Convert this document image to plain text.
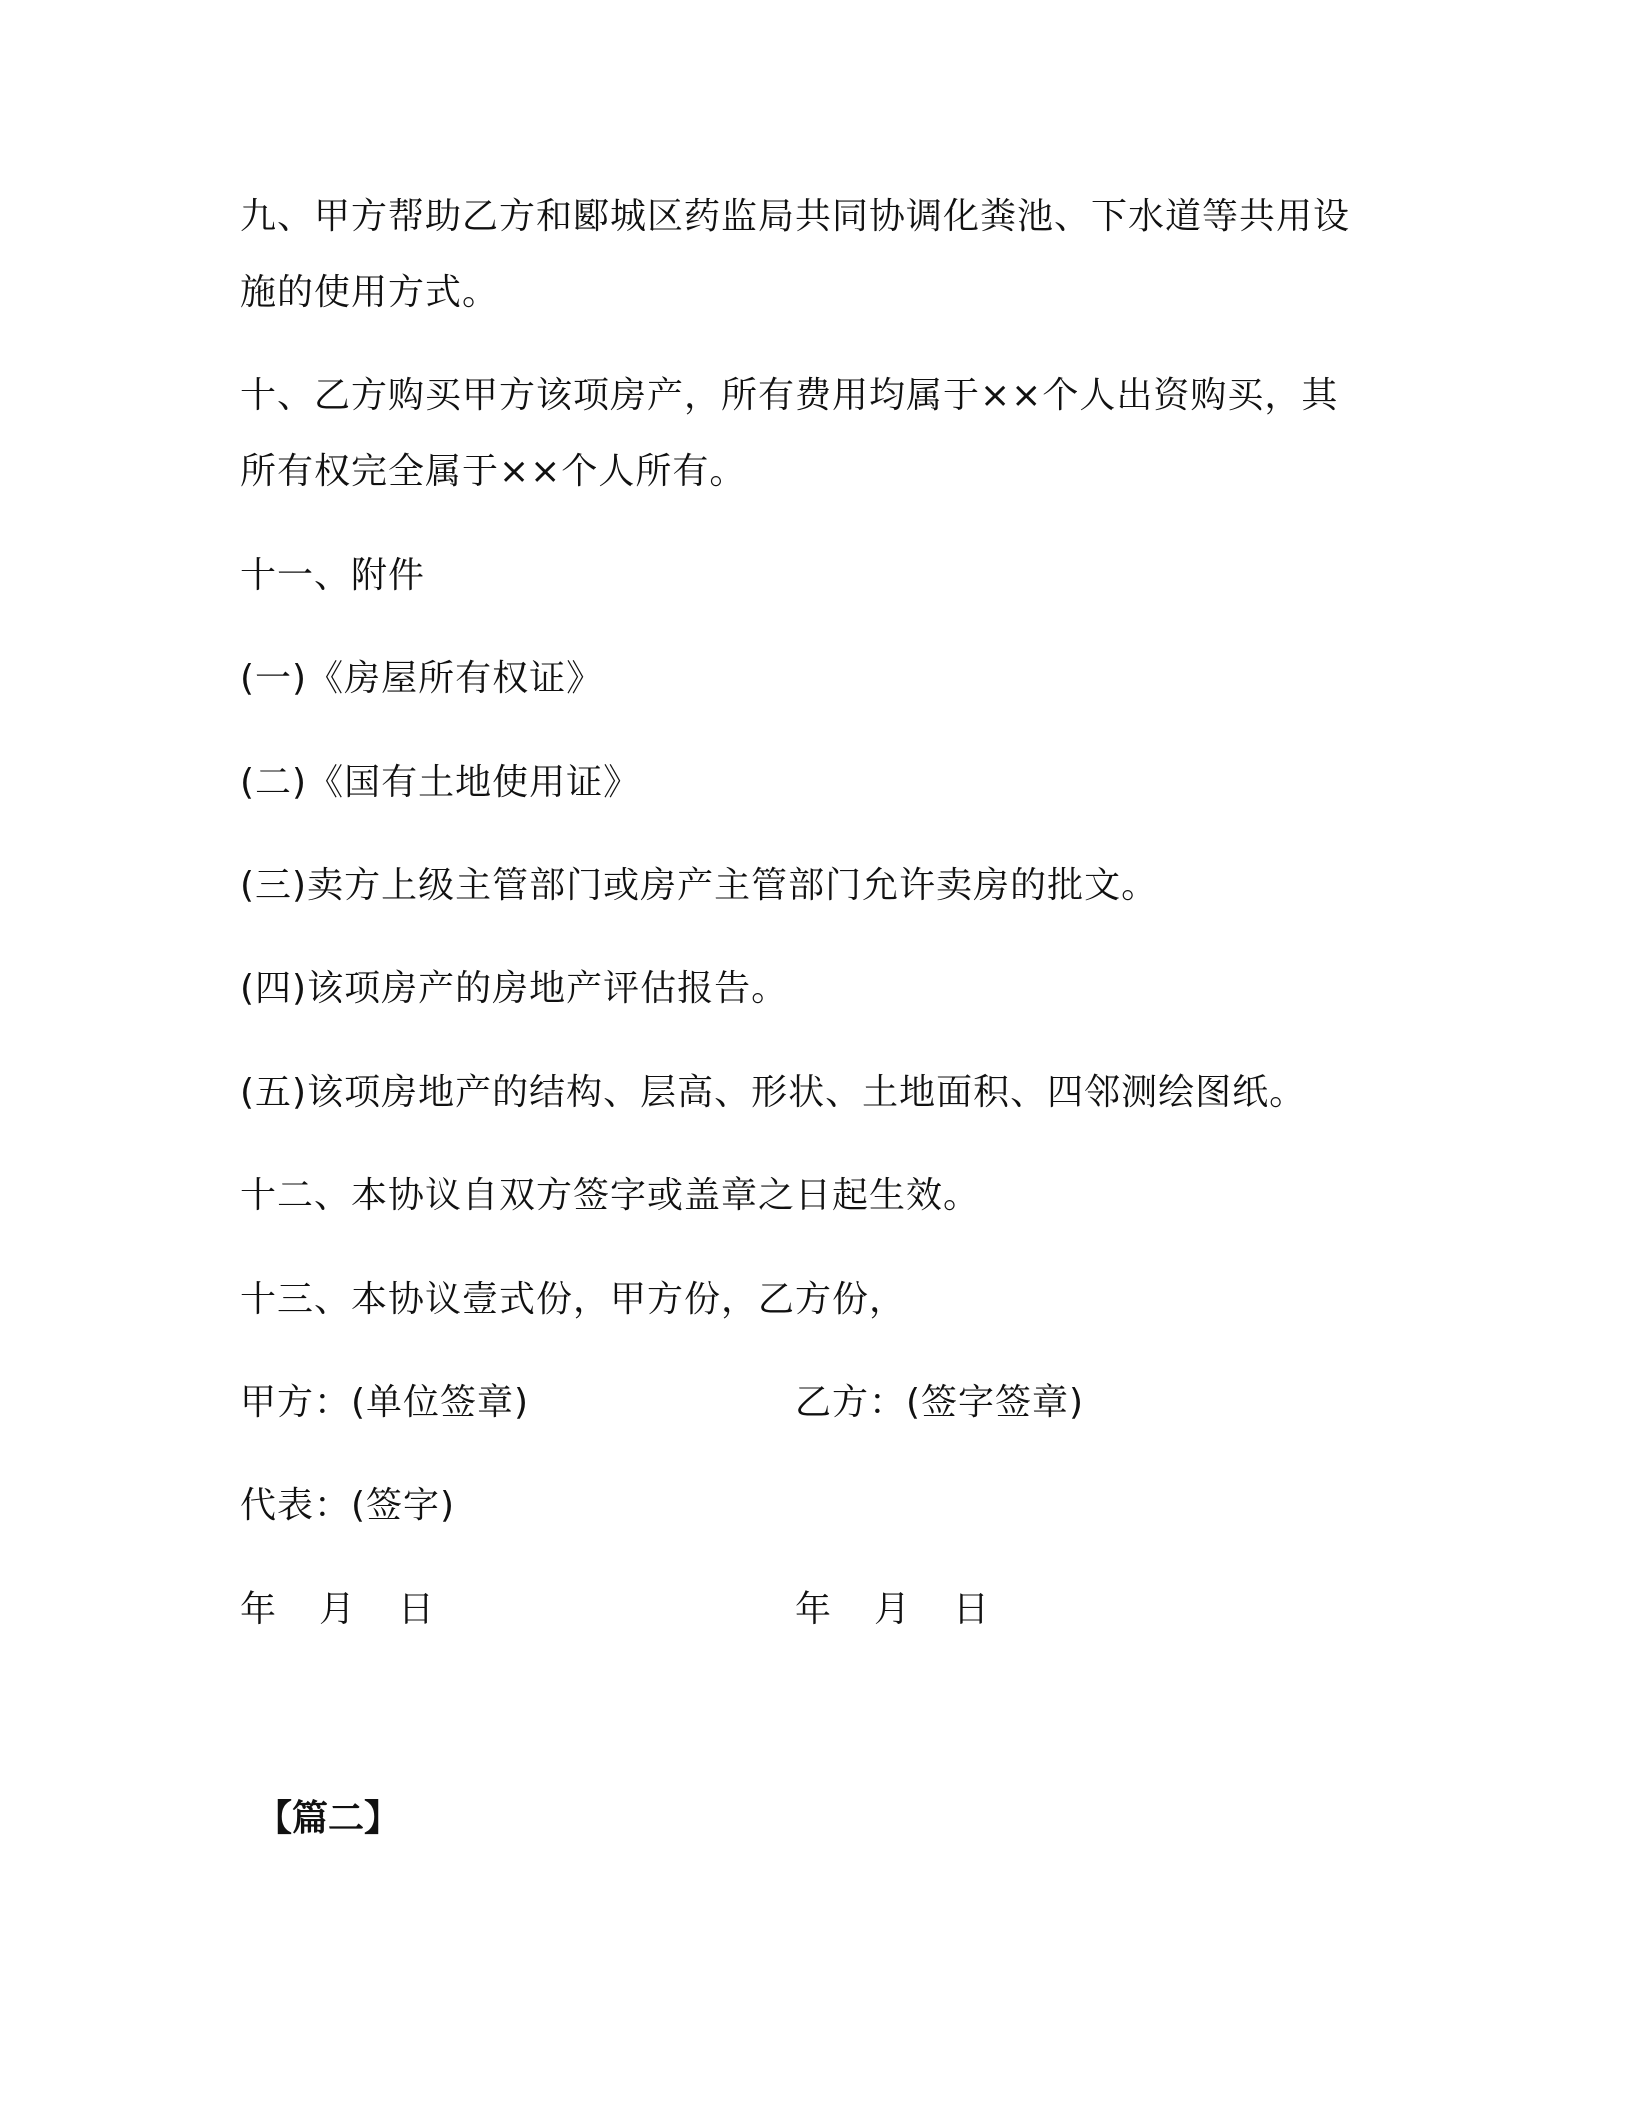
九、甲方帮助乙方和郾城区药监局共同协调化粪池、下水道等共用设
施的使用方式。
十、乙方购买甲方该项房产，所有费用均属于××个人出资购买，其
所有权完全属于××个人所有。
十一、附件
(一)《房屋所有权证》
(二)《国有土地使用证》
(三)卖方上级主管部门或房产主管部门允许卖房的批文。
(四)该项房产的房地产评估报告。
(五)该项房地产的结构、层高、形状、土地面积、四邻测绘图纸。
十二、本协议自双方签字或盖章之日起生效。
十三、本协议壹式份，甲方份，乙方份，
甲方：(单位签章)	乙方：(签字签章)
代表：(签字)
年 月 日	年 月 日
【篇二】
